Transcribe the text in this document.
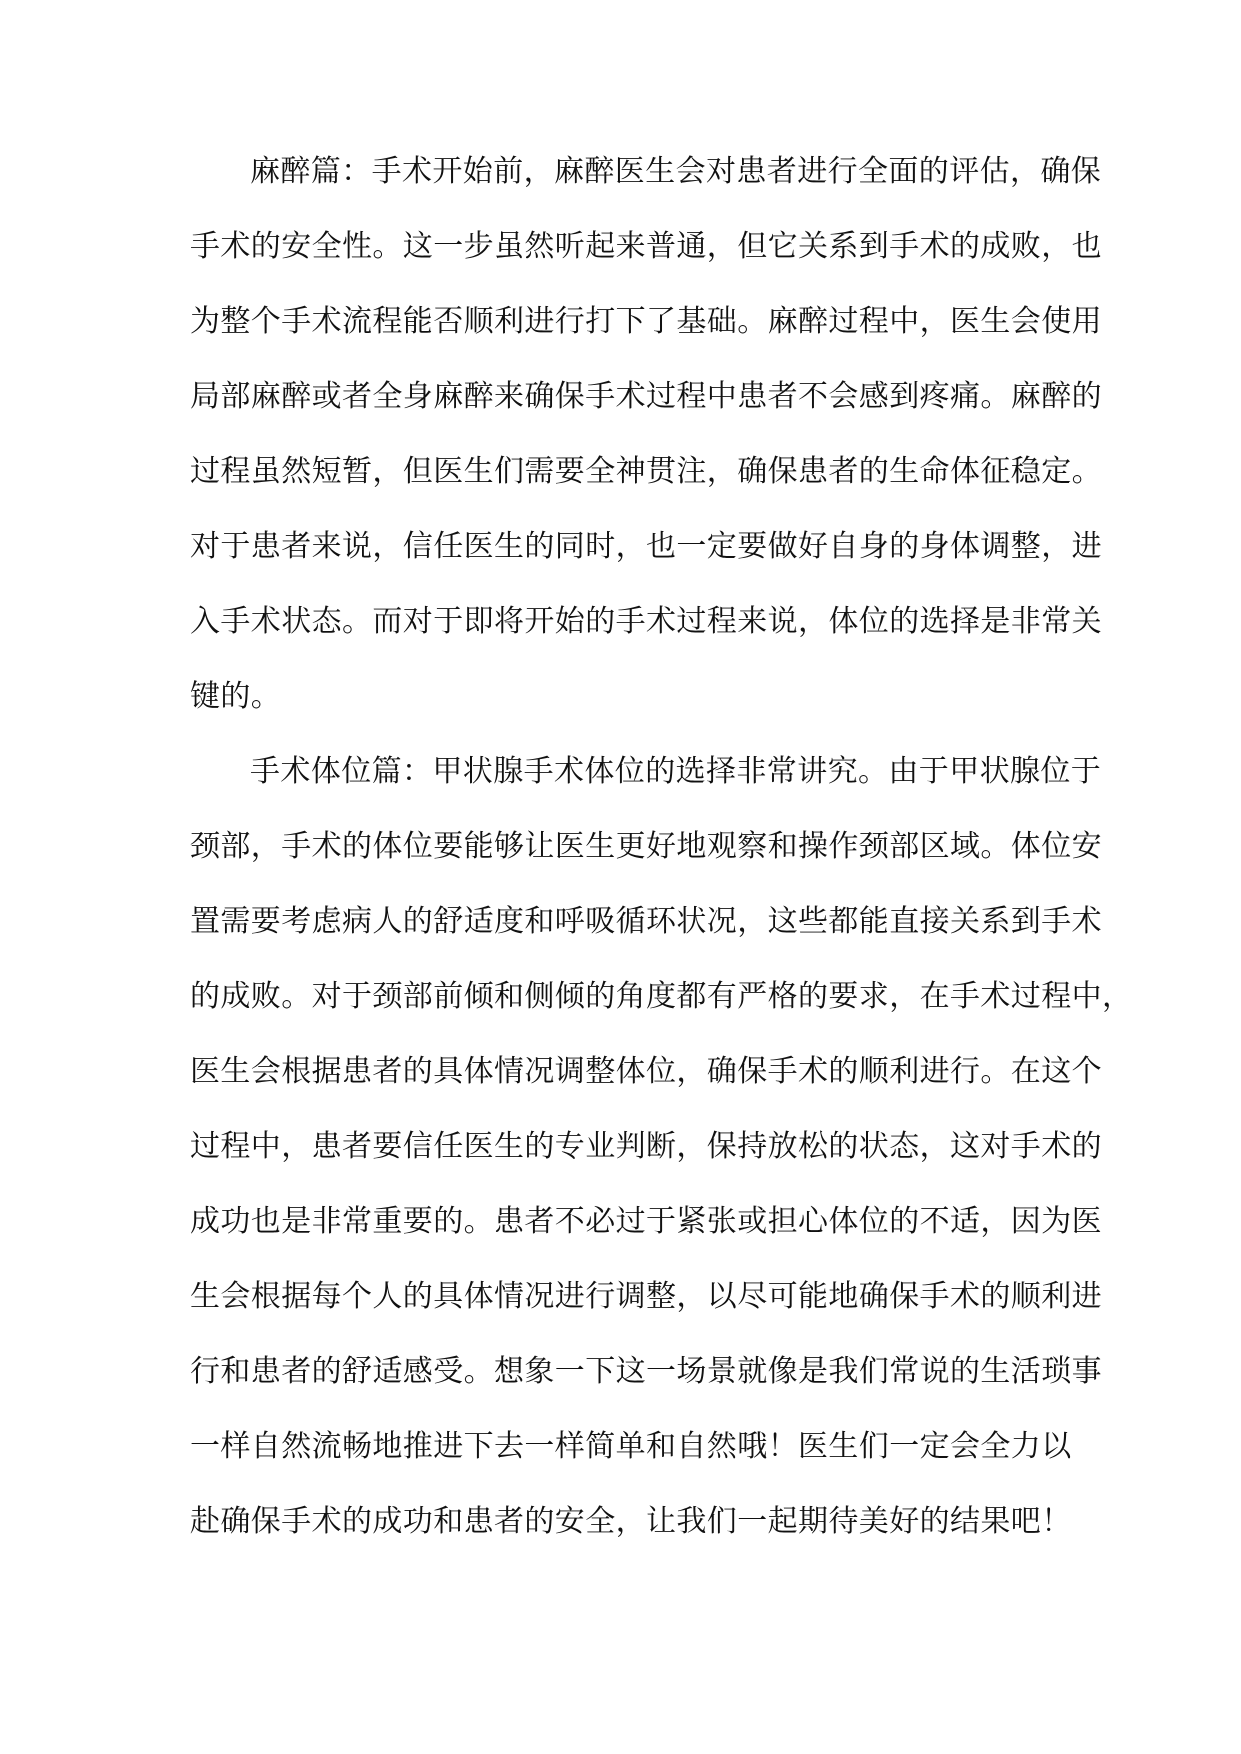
麻醉篇：手术开始前，麻醉医生会对患者进行全面的评估，确保
手术的安全性。这一步虽然听起来普通，但它关系到手术的成败，也
为整个手术流程能否顺利进行打下了基础。麻醉过程中，医生会使用
局部麻醉或者全身麻醉来确保手术过程中患者不会感到疼痛。麻醉的
过程虽然短暂，但医生们需要全神贯注，确保患者的生命体征稳定。
对于患者来说，信任医生的同时，也一定要做好自身的身体调整，进
入手术状态。而对于即将开始的手术过程来说，体位的选择是非常关
键的。
手术体位篇：甲状腺手术体位的选择非常讲究。由于甲状腺位于
颈部，手术的体位要能够让医生更好地观察和操作颈部区域。体位安
置需要考虑病人的舒适度和呼吸循环状况，这些都能直接关系到手术
的成败。对于颈部前倾和侧倾的角度都有严格的要求，在手术过程中，
医生会根据患者的具体情况调整体位，确保手术的顺利进行。在这个
过程中，患者要信任医生的专业判断，保持放松的状态，这对手术的
成功也是非常重要的。患者不必过于紧张或担心体位的不适，因为医
生会根据每个人的具体情况进行调整，以尽可能地确保手术的顺利进
行和患者的舒适感受。想象一下这一场景就像是我们常说的生活琐事
一样自然流畅地推进下去一样简单和自然哦！医生们一定会全力以
赴确保手术的成功和患者的安全，让我们一起期待美好的结果吧！
